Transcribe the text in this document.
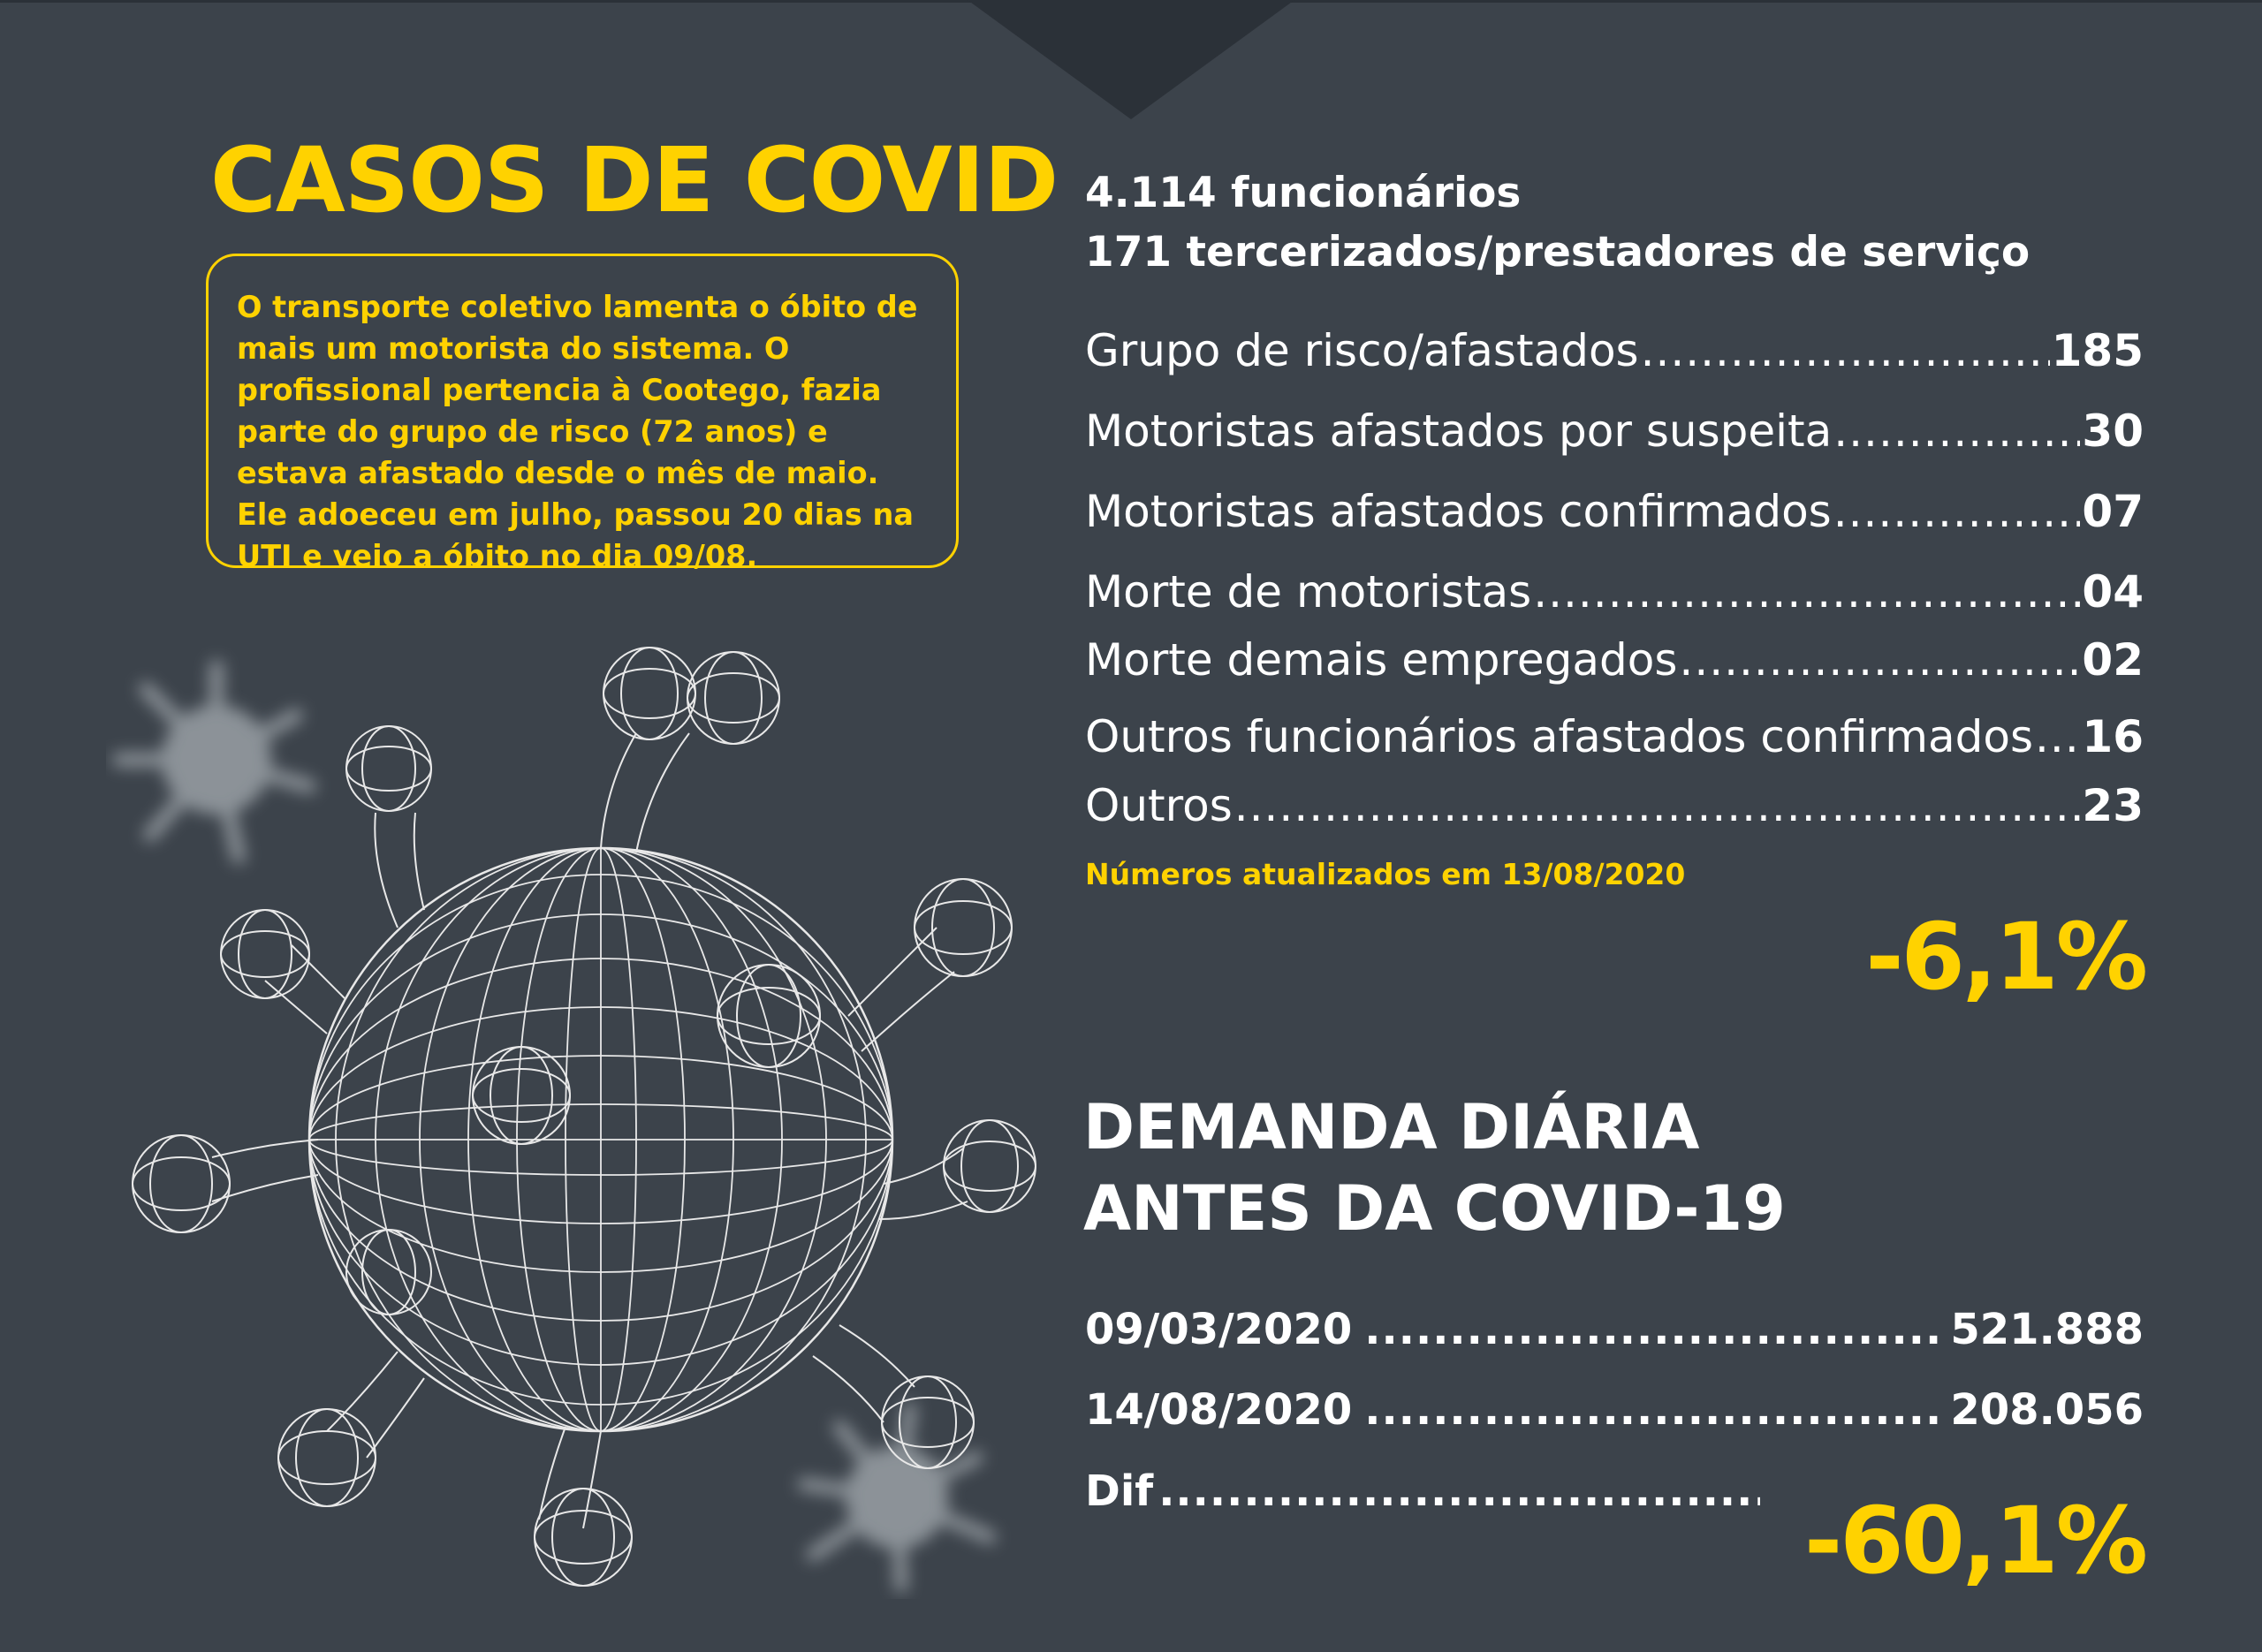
CASOS DE COVID
O transporte coletivo lamenta o óbito de mais um motorista do sistema. O profissional pertencia à Cootego, fazia parte do grupo de risco (72 anos) e estava afastado desde o mês de maio. Ele adoeceu em julho, passou 20 dias na UTI e veio a óbito no dia 09/08.
4.114 funcionários
171 tercerizados/prestadores de serviço
Grupo de risco/afastados .....	185
Motoristas afastados por suspeita .....	30
Motoristas afastados confirmados .....	07
Morte de motoristas .....	04
Morte demais empregados .....	02
Outros funcionários afastados confirmados ..... 16
Outros .....	23
Números atualizados em 13/08/2020
-6,1%
DEMANDA DIÁRIA
ANTES DA COVID-19
09/03/2020 .....	521.888
14/08/2020 .....	208.056
Dif .....	-60,1%
